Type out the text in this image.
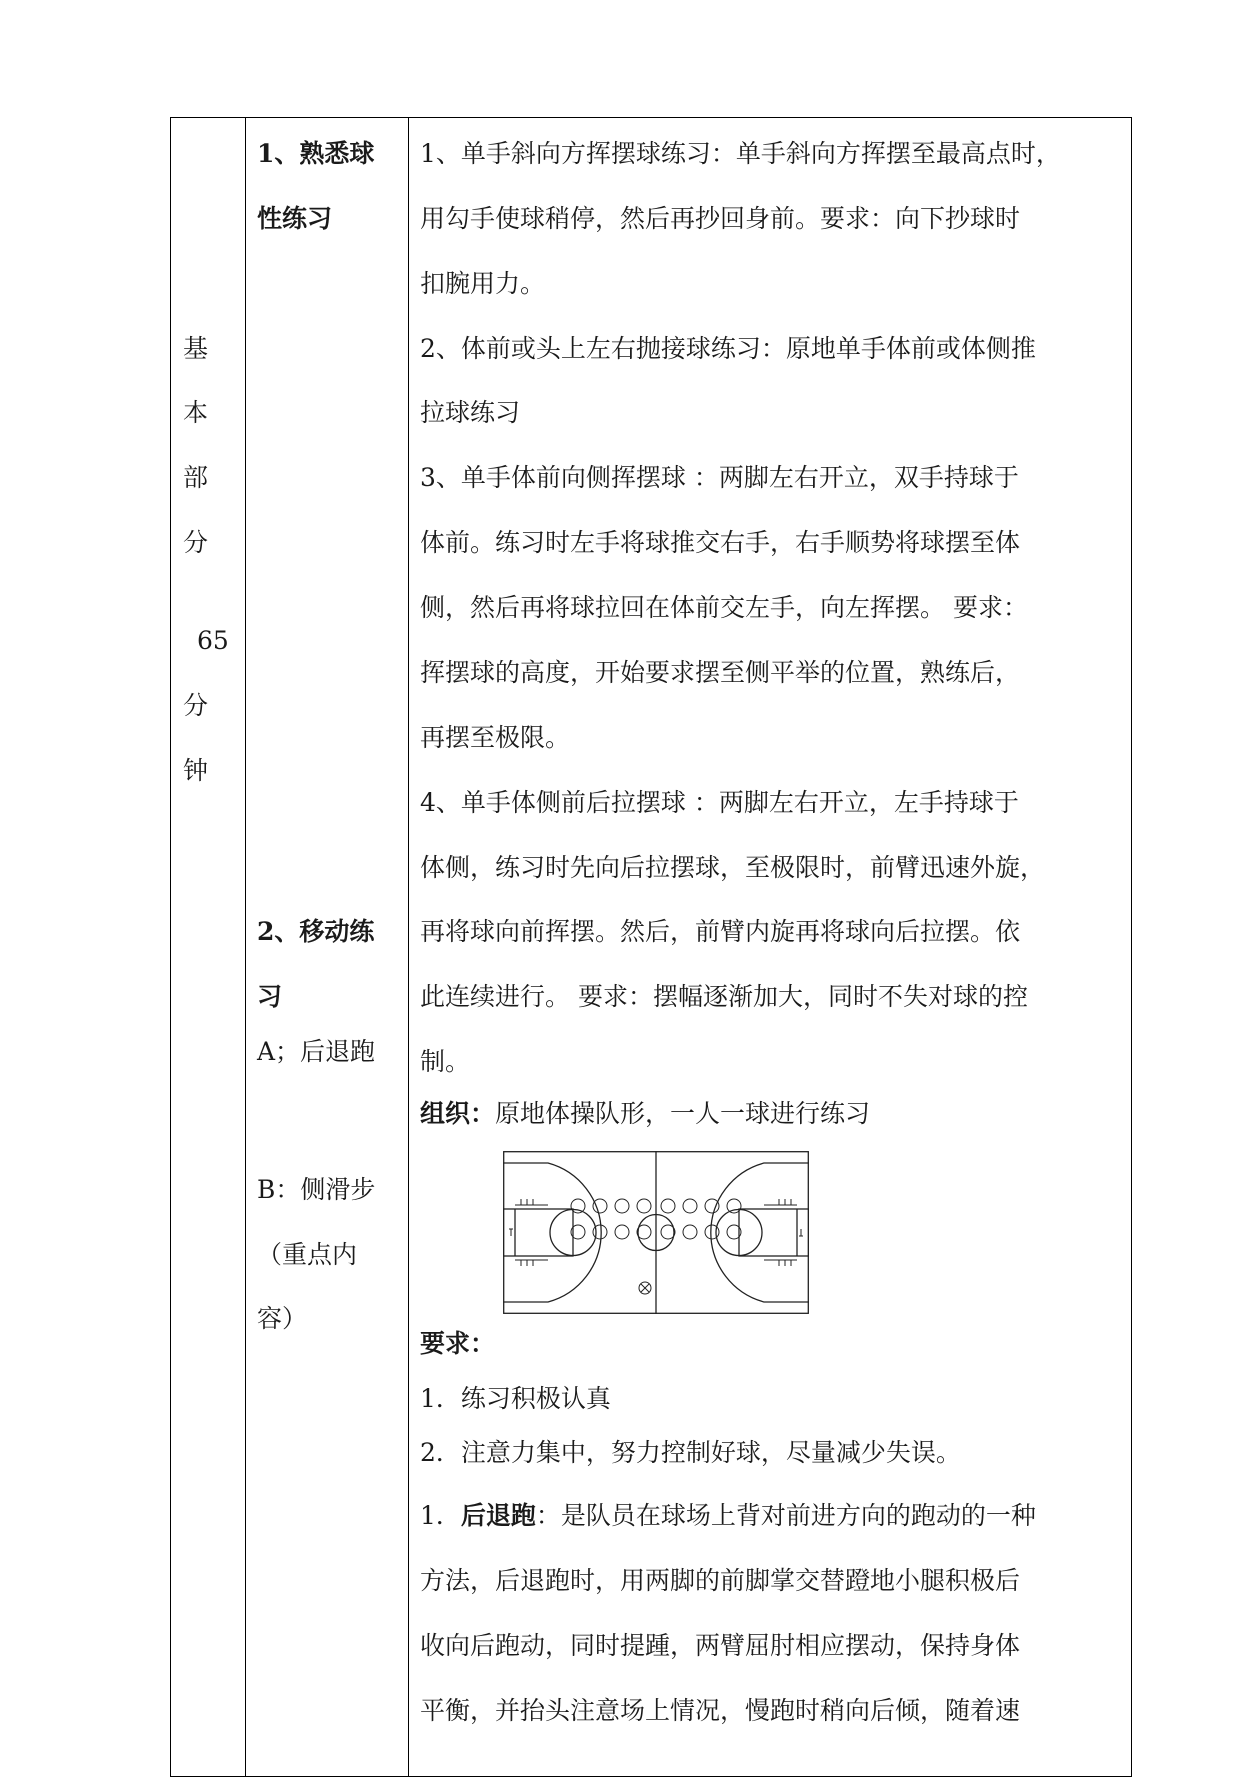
基
本
部
分
65
分
钟
1、熟悉球
性练习
2、移动练
习
A；后退跑
B：侧滑步
（重点内
容）
1、单手斜向方挥摆球练习：单手斜向方挥摆至最高点时，
用勾手使球稍停，然后再抄回身前。要求：向下抄球时
扣腕用力。
2、体前或头上左右抛接球练习：原地单手体前或体侧推
拉球练习
3、单手体前向侧挥摆球 ：两脚左右开立，双手持球于
体前。练习时左手将球推交右手，右手顺势将球摆至体
侧，然后再将球拉回在体前交左手，向左挥摆。 要求：
挥摆球的高度，开始要求摆至侧平举的位置，熟练后，
再摆至极限。
4、单手体侧前后拉摆球 ：两脚左右开立，左手持球于
体侧，练习时先向后拉摆球，至极限时，前臂迅速外旋，
再将球向前挥摆。然后，前臂内旋再将球向后拉摆。依
此连续进行。 要求：摆幅逐渐加大，同时不失对球的控
制。
组织：原地体操队形，一人一球进行练习
要求：
1．练习积极认真
2．注意力集中，努力控制好球，尽量减少失误。
1．后退跑：是队员在球场上背对前进方向的跑动的一种
方法，后退跑时，用两脚的前脚掌交替蹬地小腿积极后
收向后跑动，同时提踵，两臂屈肘相应摆动，保持身体
平衡，并抬头注意场上情况，慢跑时稍向后倾，随着速
